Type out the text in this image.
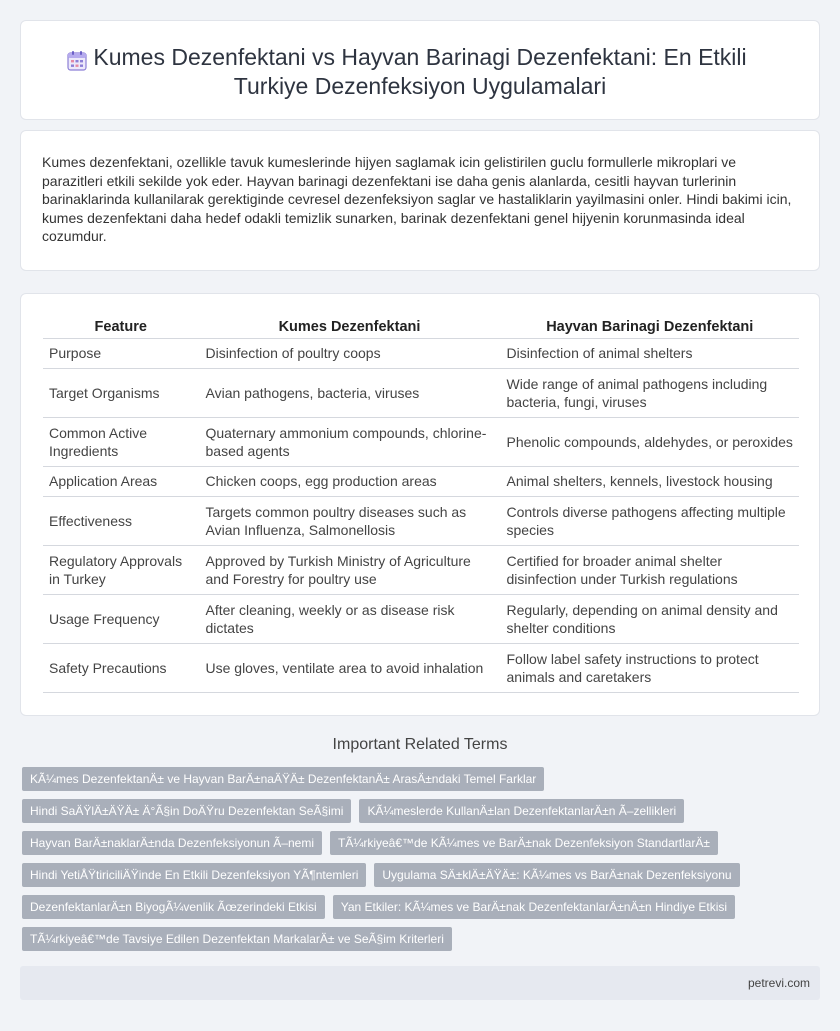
Kumes Dezenfektani vs Hayvan Barinagi Dezenfektani: En Etkili
Turkiye Dezenfeksiyon Uygulamalari

Kumes dezenfektani, ozellikle tavuk kumeslerinde hijyen saglamak icin gelistirilen guclu formullerle mikroplari ve parazitleri etkili sekilde yok eder. Hayvan barinagi dezenfektani ise daha genis alanlarda, cesitli hayvan turlerinin barinaklarinda kullanilarak gerektiginde cevresel dezenfeksiyon saglar ve hastaliklarin yayilmasini onler. Hindi bakimi icin, kumes dezenfektani daha hedef odakli temizlik sunarken, barinak dezenfektani genel hijyenin korunmasinda ideal cozumdur.

Feature	Kumes Dezenfektani	Hayvan Barinagi Dezenfektani
Purpose	Disinfection of poultry coops	Disinfection of animal shelters
Target Organisms	Avian pathogens, bacteria, viruses	Wide range of animal pathogens including bacteria, fungi, viruses
Common Active Ingredients	Quaternary ammonium compounds, chlorine-based agents	Phenolic compounds, aldehydes, or peroxides
Application Areas	Chicken coops, egg production areas	Animal shelters, kennels, livestock housing
Effectiveness	Targets common poultry diseases such as Avian Influenza, Salmonellosis	Controls diverse pathogens affecting multiple species
Regulatory Approvals in Turkey	Approved by Turkish Ministry of Agriculture and Forestry for poultry use	Certified for broader animal shelter disinfection under Turkish regulations
Usage Frequency	After cleaning, weekly or as disease risk dictates	Regularly, depending on animal density and shelter conditions
Safety Precautions	Use gloves, ventilate area to avoid inhalation	Follow label safety instructions to protect animals and caretakers
Important Related Terms
KÃ¼mes DezenfektanÄ± ve Hayvan BarÄ±naÄŸÄ± DezenfektanÄ± ArasÄ±ndaki Temel Farklar
Hindi SaÄŸlÄ±ÄŸÄ± Ä°Ã§in DoÄŸru Dezenfektan SeÃ§imi	KÃ¼meslerde KullanÄ±lan DezenfektanlarÄ±n Ã–zellikleri
Hayvan BarÄ±naklarÄ±nda Dezenfeksiyonun Ã–nemi	TÃ¼rkiyeâ€™de KÃ¼mes ve BarÄ±nak Dezenfeksiyon StandartlarÄ±
Hindi YetiÅŸtiriciliÄŸinde En Etkili Dezenfeksiyon YÃ¶ntemleri	Uygulama SÄ±klÄ±ÄŸÄ±: KÃ¼mes vs BarÄ±nak Dezenfeksiyonu
DezenfektanlarÄ±n BiyogÃ¼venlik Ãœzerindeki Etkisi	Yan Etkiler: KÃ¼mes ve BarÄ±nak DezenfektanlarÄ±nÄ±n Hindiye Etkisi
TÃ¼rkiyeâ€™de Tavsiye Edilen Dezenfektan MarkalarÄ± ve SeÃ§im Kriterleri
petrevi.com
